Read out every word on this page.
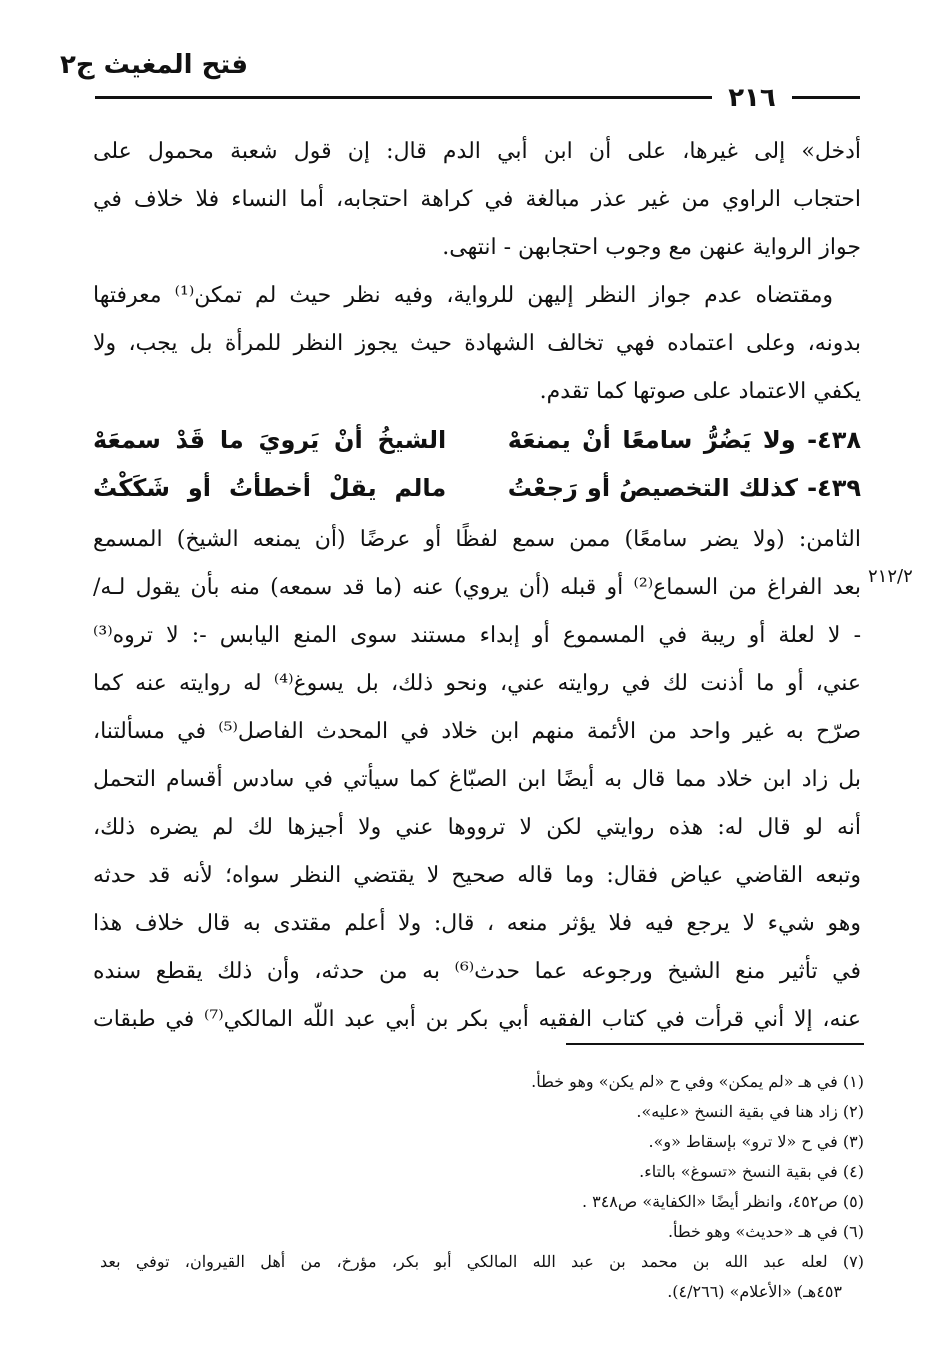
فتح المغيث ج٢
٢١٦
٢١٢/٢
أدخل» إلى غيرها، على أن ابن أبي الدم قال: إن قول شعبة محمول على
احتجاب الراوي من غير عذر مبالغة في كراهة احتجابه، أما النساء فلا خلاف في
جواز الرواية عنهن مع وجوب احتجابهن - انتهى.
ومقتضاه عدم جواز النظر إليهن للرواية، وفيه نظر حيث لم تمكن⁽¹⁾ معرفتها
بدونه، وعلى اعتماده فهي تخالف الشهادة حيث يجوز النظر للمرأة بل يجب، ولا
يكفي الاعتماد على صوتها كما تقدم.
٤٣٨- ولا يَضُرُّ سامعًا أنْ يمنعَهْ
الشيخُ أنْ يَرويَ ما قَدْ سمعَهْ
٤٣٩- كذلك التخصيصُ أو رَجعْتُ
مالم يقلْ أخطأتُ أو شَكَكْتُ
الثامن: (ولا يضر سامعًا) ممن سمع لفظًا أو عرضًا (أن يمنعه الشيخ) المسمع
بعد الفراغ من السماع⁽²⁾ أو قبله (أن يروي) عنه (ما قد سمعه) منه بأن يقول لـه/
- لا لعلة أو ريبة في المسموع أو إبداء مستند سوى المنع اليابس -: لا تروه⁽³⁾
عني، أو ما أذنت لك في روايته عني، ونحو ذلك، بل يسوغ⁽⁴⁾ له روايته عنه كما
صرّح به غير واحد من الأئمة منهم ابن خلاد في المحدث الفاصل⁽⁵⁾ في مسألتنا،
بل زاد ابن خلاد مما قال به أيضًا ابن الصبّاغ كما سيأتي في سادس أقسام التحمل
أنه لو قال له: هذه روايتي لكن لا ترووها عني ولا أجيزها لك لم يضره ذلك،
وتبعه القاضي عياض فقال: وما قاله صحيح لا يقتضي النظر سواه؛ لأنه قد حدثه
وهو شيء لا يرجع فيه فلا يؤثر منعه ، قال: ولا أعلم مقتدى به قال خلاف هذا
في تأثير منع الشيخ ورجوعه عما حدث⁽⁶⁾ به من حدثه، وأن ذلك يقطع سنده
عنه، إلا أني قرأت في كتاب الفقيه أبي بكر بن أبي عبد اللّه المالكي⁽⁷⁾ في طبقات
(١) في هـ «لم يمكن» وفي ح «لم يكن» وهو خطأ.
(٢) زاد هنا في بقية النسخ «عليه».
(٣) في ح «لا ترو» بإسقاط «و».
(٤) في بقية النسخ «تسوغ» بالتاء.
(٥) ص٤٥٢، وانظر أيضًا «الكفاية» ص٣٤٨ .
(٦) في هـ «حديث» وهو خطأ.
(٧) لعله عبد الله بن محمد بن عبد الله المالكي أبو بكر، مؤرخ، من أهل القيروان، توفي بعد
٤٥٣هـ) «الأعلام» (٤/٢٦٦).
